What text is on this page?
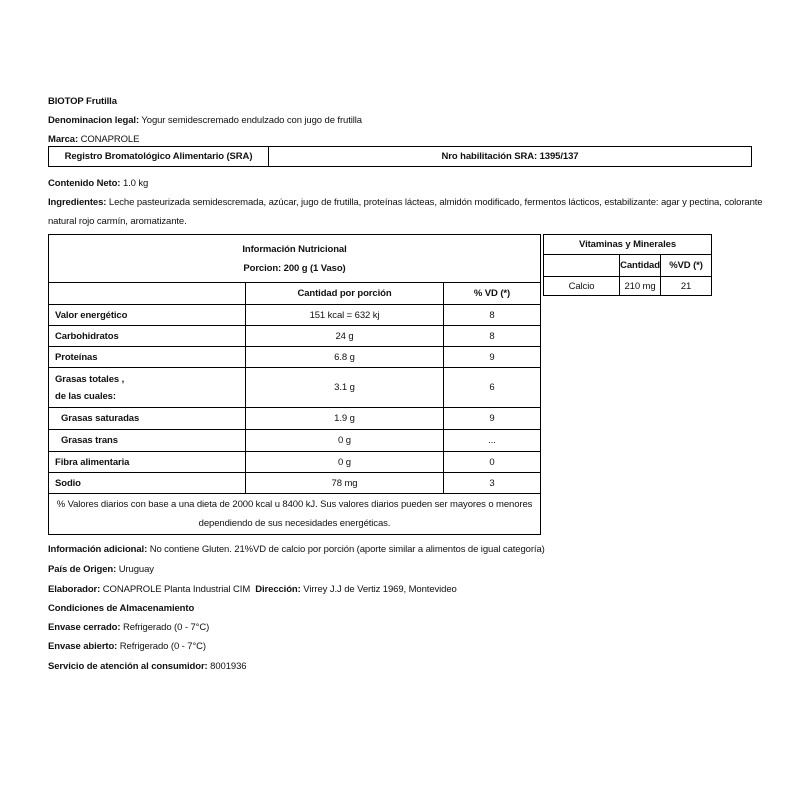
BIOTOP Frutilla
Denominacion legal: Yogur semidescremado endulzado con jugo de frutilla
Marca: CONAPROLE
Registro Bromatológico Alimentario (SRA)	Nro habilitación SRA: 1395/137
Contenido Neto: 1.0 kg
Ingredientes: Leche pasteurizada semidescremada, azúcar, jugo de frutilla, proteínas lácteas, almidón modificado, fermentos lácticos, estabilizante: agar y pectina, colorante
natural rojo carmín, aromatizante.
Información Nutricional
Porcion: 200 g (1 Vaso)		
	Cantidad por porción	% VD (*)
Valor energético	151 kcal = 632 kj	8
Carbohidratos	24 g	8
Proteínas	6.8 g	9
Grasas totales ,
de las cuales:	3.1 g	6
Grasas saturadas	1.9 g	9
Grasas trans	0 g	...
Fibra alimentaria	0 g	0
Sodio	78 mg	3
% Valores diarios con base a una dieta de 2000 kcal u 8400 kJ. Sus valores diarios pueden ser mayores o menores
dependiendo de sus necesidades energéticas.		
Vitaminas y Minerales		
	Cantidad	%VD (*)
Calcio	210 mg	21
Información adicional: No contiene Gluten. 21%VD de calcio por porción (aporte similar a alimentos de igual categoría)
País de Origen: Uruguay
Elaborador: CONAPROLE Planta Industrial CIM Dirección: Virrey J.J de Vertiz 1969, Montevideo
Condiciones de Almacenamiento
Envase cerrado: Refrigerado (0 - 7°C)
Envase abierto: Refrigerado (0 - 7°C)
Servicio de atención al consumidor: 8001936
